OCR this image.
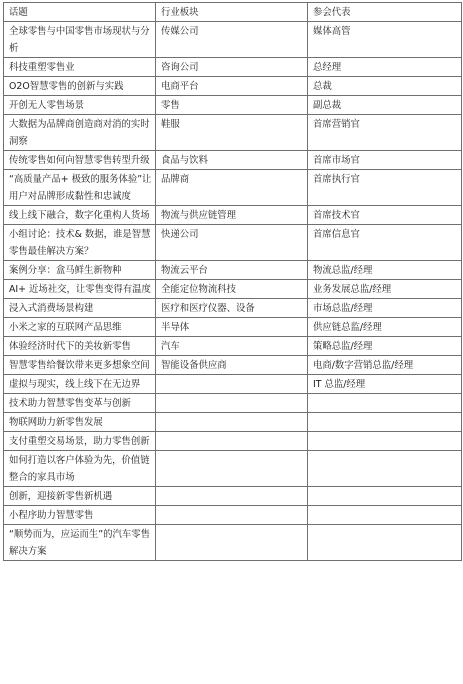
话题	行业板块	参会代表
全球零售与中国零售市场现状与分析	传媒公司	媒体高管
科技重塑零售业	咨询公司	总经理
O2O智慧零售的创新与实践	电商平台	总裁
开创无人零售场景	零售	副总裁
大数据为品牌商创造商对消的实时洞察	鞋服	首席营销官
传统零售如何向智慧零售转型升级	食品与饮料	首席市场官
“高质量产品+ 极致的服务体验”让用户对品牌形成黏性和忠诚度	品牌商	首席执行官
线上线下融合，数字化重构人货场	物流与供应链管理	首席技术官
小组讨论：技术& 数据，谁是智慧零售最佳解决方案？	快递公司	首席信息官
案例分享：盒马鲜生新物种	物流云平台	物流总监/经理
AI+ 近场社交，让零售变得有温度	全能定位物流科技	业务发展总监/经理
浸入式消费场景构建	医疗和医疗仪器、设备	市场总监/经理
小米之家的互联网产品思维	半导体	供应链总监/经理
体验经济时代下的美妆新零售	汽车	策略总监/经理
智慧零售给餐饮带来更多想象空间	智能设备供应商	电商/数字营销总监/经理
虚拟与现实，线上线下在无边界		IT 总监/经理
技术助力智慧零售变革与创新		
物联网助力新零售发展		
支付重塑交易场景，助力零售创新		
如何打造以客户体验为先，价值链整合的家具市场		
创新，迎接新零售新机遇		
小程序助力智慧零售		
“顺势而为，应运而生”的汽车零售解决方案		
